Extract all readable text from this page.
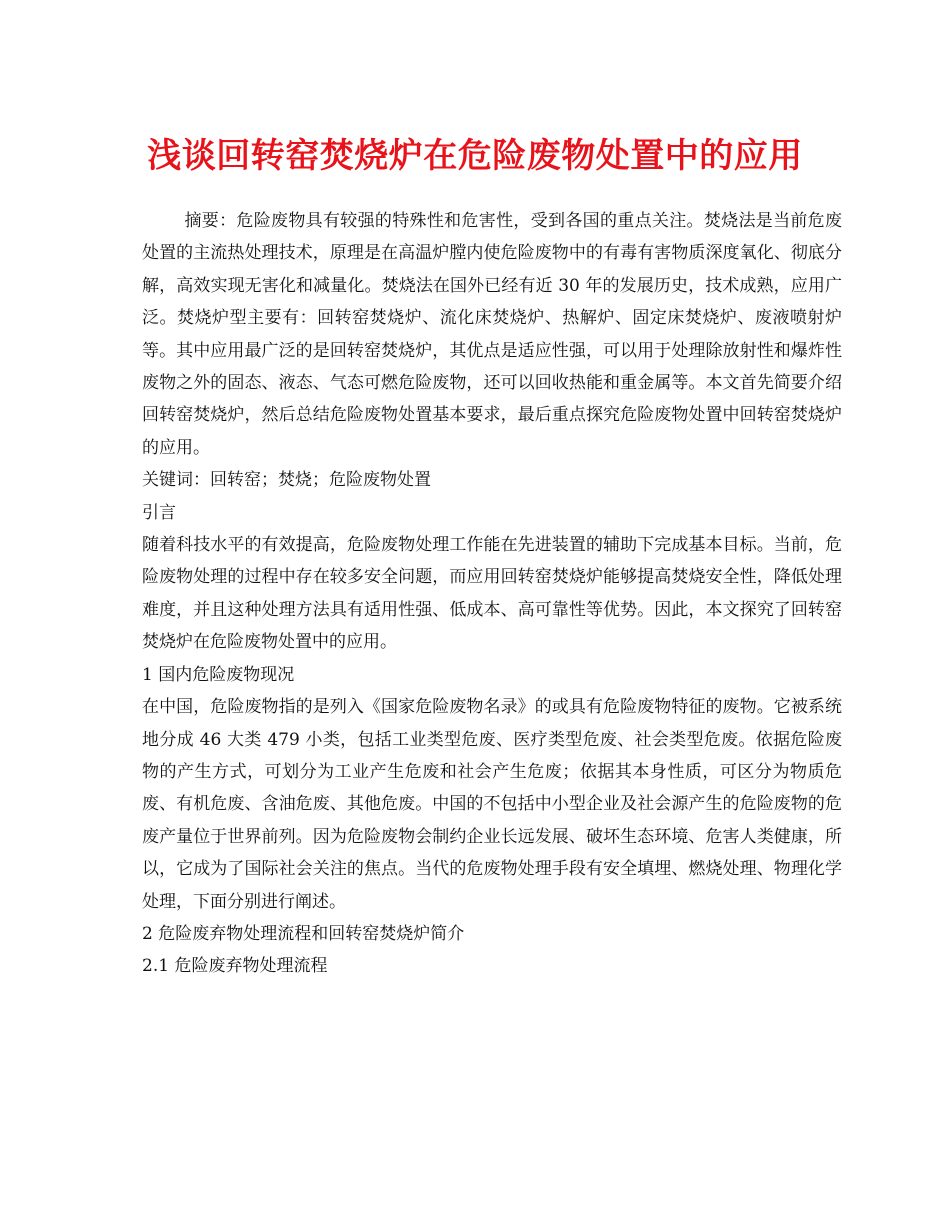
浅谈回转窑焚烧炉在危险废物处置中的应用

摘要：危险废物具有较强的特殊性和危害性，受到各国的重点关注。焚烧法是当前危废处置的主流热处理技术，原理是在高温炉膛内使危险废物中的有毒有害物质深度氧化、彻底分解，高效实现无害化和减量化。焚烧法在国外已经有近 30 年的发展历史，技术成熟，应用广泛。焚烧炉型主要有：回转窑焚烧炉、流化床焚烧炉、热解炉、固定床焚烧炉、废液喷射炉等。其中应用最广泛的是回转窑焚烧炉，其优点是适应性强，可以用于处理除放射性和爆炸性废物之外的固态、液态、气态可燃危险废物，还可以回收热能和重金属等。本文首先简要介绍回转窑焚烧炉，然后总结危险废物处置基本要求，最后重点探究危险废物处置中回转窑焚烧炉的应用。

关键词：回转窑；焚烧；危险废物处置

引言

随着科技水平的有效提高，危险废物处理工作能在先进装置的辅助下完成基本目标。当前，危险废物处理的过程中存在较多安全问题，而应用回转窑焚烧炉能够提高焚烧安全性，降低处理难度，并且这种处理方法具有适用性强、低成本、高可靠性等优势。因此，本文探究了回转窑焚烧炉在危险废物处置中的应用。

1 国内危险废物现况

在中国，危险废物指的是列入《国家危险废物名录》的或具有危险废物特征的废物。它被系统地分成 46 大类 479 小类，包括工业类型危废、医疗类型危废、社会类型危废。依据危险废物的产生方式，可划分为工业产生危废和社会产生危废；依据其本身性质，可区分为物质危废、有机危废、含油危废、其他危废。中国的不包括中小型企业及社会源产生的危险废物的危废产量位于世界前列。因为危险废物会制约企业长远发展、破坏生态环境、危害人类健康，所以，它成为了国际社会关注的焦点。当代的危废物处理手段有安全填埋、燃烧处理、物理化学处理，下面分别进行阐述。

2 危险废弃物处理流程和回转窑焚烧炉简介

2.1 危险废弃物处理流程
